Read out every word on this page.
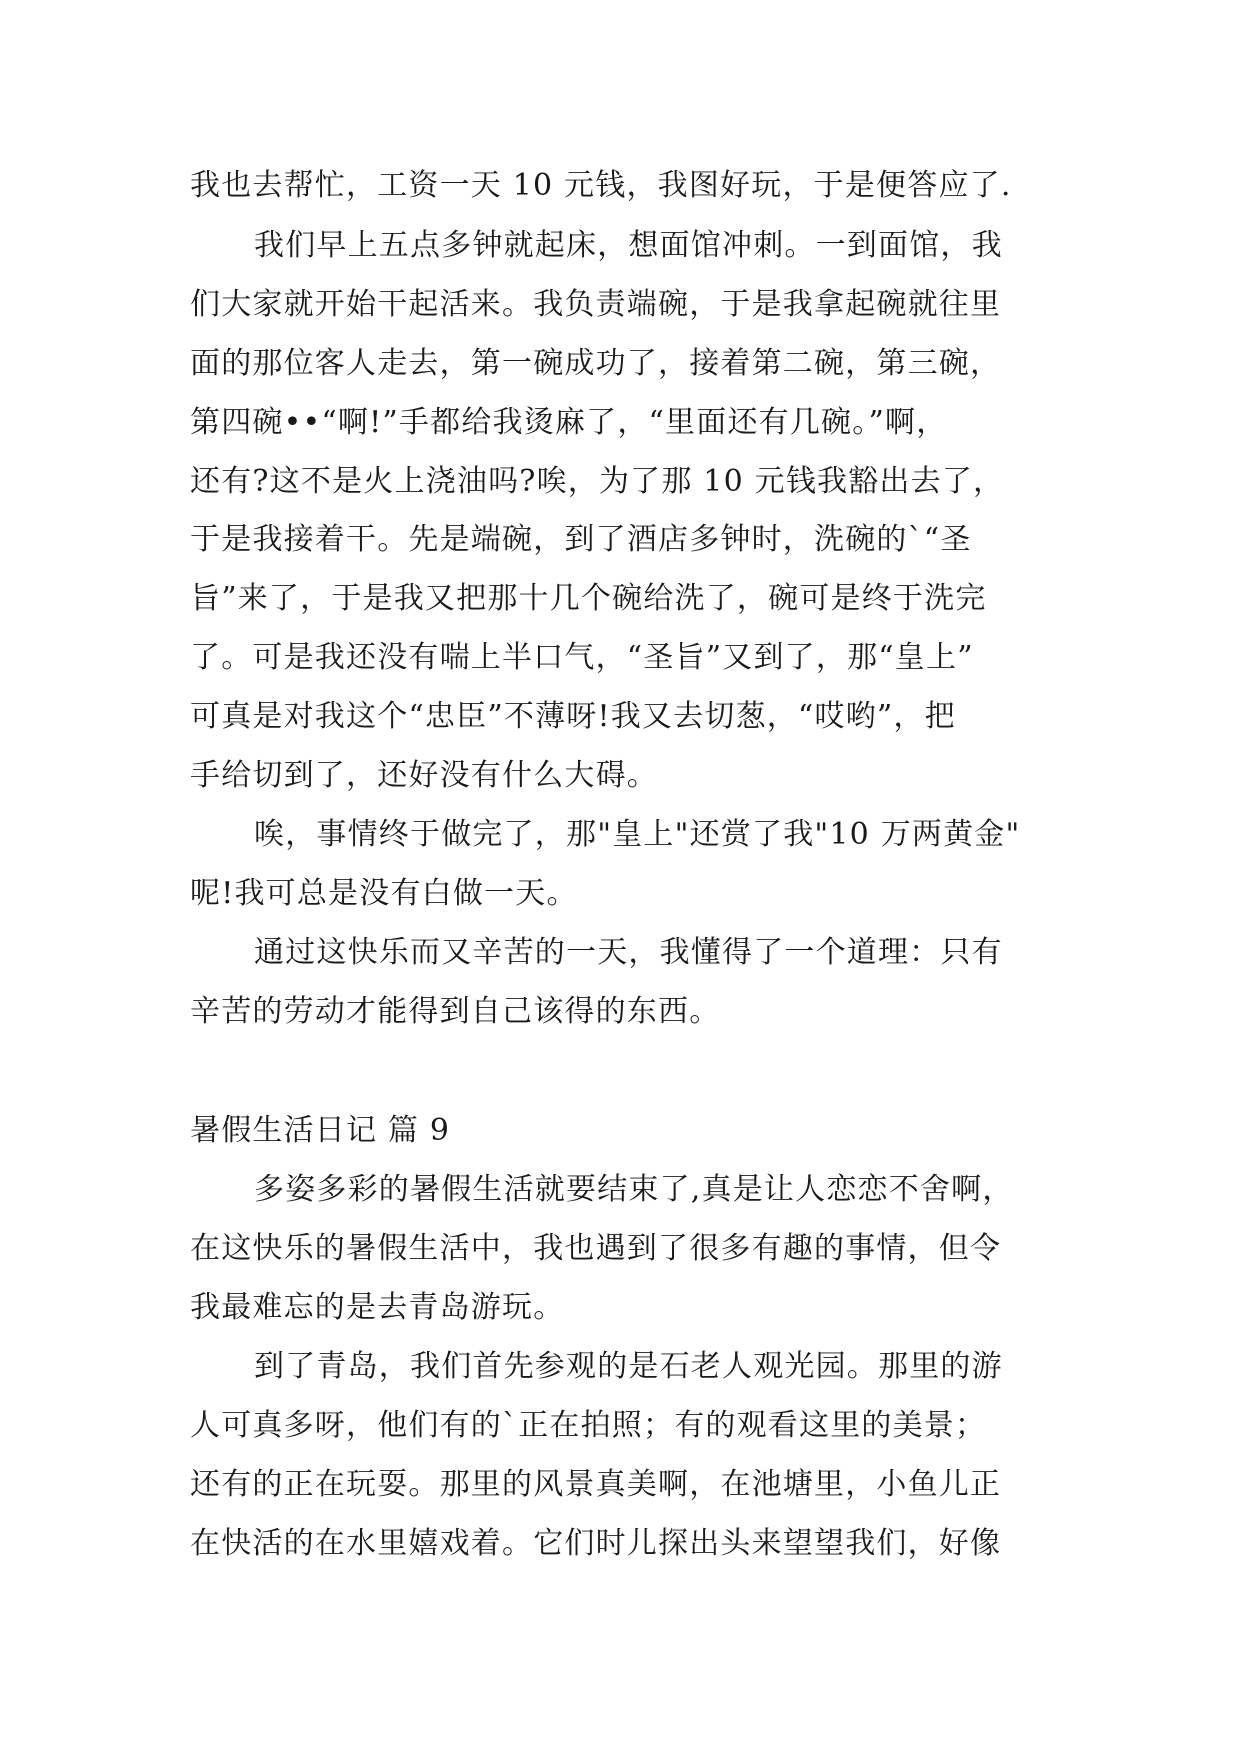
我也去帮忙，工资一天 10 元钱，我图好玩，于是便答应了.
我们早上五点多钟就起床，想面馆冲刺。一到面馆，我
们大家就开始干起活来。我负责端碗，于是我拿起碗就往里
面的那位客人走去，第一碗成功了，接着第二碗，第三碗，
第四碗••“啊!”手都给我烫麻了，“里面还有几碗。”啊，
还有?这不是火上浇油吗?唉，为了那 10 元钱我豁出去了，
于是我接着干。先是端碗，到了酒店多钟时，洗碗的`“圣
旨”来了，于是我又把那十几个碗给洗了，碗可是终于洗完
了。可是我还没有喘上半口气，“圣旨”又到了，那“皇上”
可真是对我这个“忠臣”不薄呀!我又去切葱，“哎哟”，把
手给切到了，还好没有什么大碍。
唉，事情终于做完了，那"皇上"还赏了我"10 万两黄金"
呢!我可总是没有白做一天。
通过这快乐而又辛苦的一天，我懂得了一个道理：只有
辛苦的劳动才能得到自己该得的东西。
暑假生活日记 篇 9
多姿多彩的暑假生活就要结束了,真是让人恋恋不舍啊，
在这快乐的暑假生活中，我也遇到了很多有趣的事情，但令
我最难忘的是去青岛游玩。
到了青岛，我们首先参观的是石老人观光园。那里的游
人可真多呀，他们有的`正在拍照；有的观看这里的美景；
还有的正在玩耍。那里的风景真美啊，在池塘里，小鱼儿正
在快活的在水里嬉戏着。它们时儿探出头来望望我们，好像
